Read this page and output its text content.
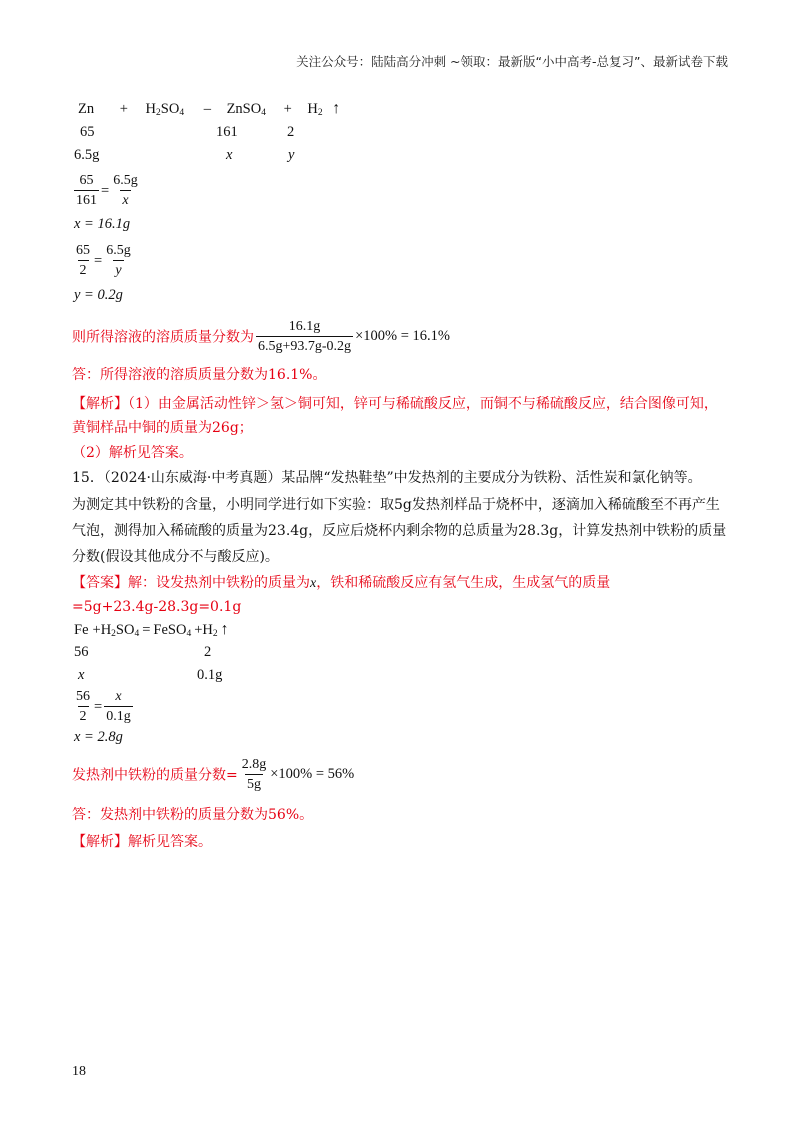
关注公众号：陆陆高分冲刺 ~领取：最新版“小中高考-总复习”、最新试卷下载
$Zn + H_2SO_4$ – ZnSO$_4$ + $H_2$ ↑
65	161	2
6.5g	x	y
$\frac{65}{161} = \frac{6.5g}{x}$
x = 16.1g
$\frac{65}{2} = \frac{6.5g}{y}$
y = 0.2g
则所得溶液的溶质质量分数为 $\frac{16.1g}{6.5g+93.7g-0.2g} \times 100\% = 16.1\%$
答：所得溶液的溶质质量分数为16.1%。
【解析】（1）由金属活动性锌＞氢＞铜可知，锌可与稀硫酸反应，而铜不与稀硫酸反应，结合图像可知，
黄铜样品中铜的质量为26g；
（2）解析见答案。
15．（2024·山东威海·中考真题）某品牌“发热鞋垫”中发热剂的主要成分为铁粉、活性炭和氯化钠等。
为测定其中铁粉的含量，小明同学进行如下实验：取5g发热剂样品于烧杯中，逐滴加入稀硫酸至不再产生
气泡，测得加入稀硫酸的质量为23.4g，反应后烧杯内剩余物的总质量为28.3g，计算发热剂中铁粉的质量
分数(假设其他成分不与酸反应)。
【答案】解：设发热剂中铁粉的质量为x，铁和稀硫酸反应有氢气生成，生成氢气的质量
=5g+23.4g-28.3g=0.1g
$Fe +H_2SO_4$ = FeSO$_4$ $+H_2$ ↑
56	2
x	0.1g
$\frac{56}{2} = \frac{x}{0.1g}$
x = 2.8g
发热剂中铁粉的质量分数= $\frac{2.8g}{5g} \times 100\% = 56\%$
答：发热剂中铁粉的质量分数为56%。
【解析】解析见答案。
18
